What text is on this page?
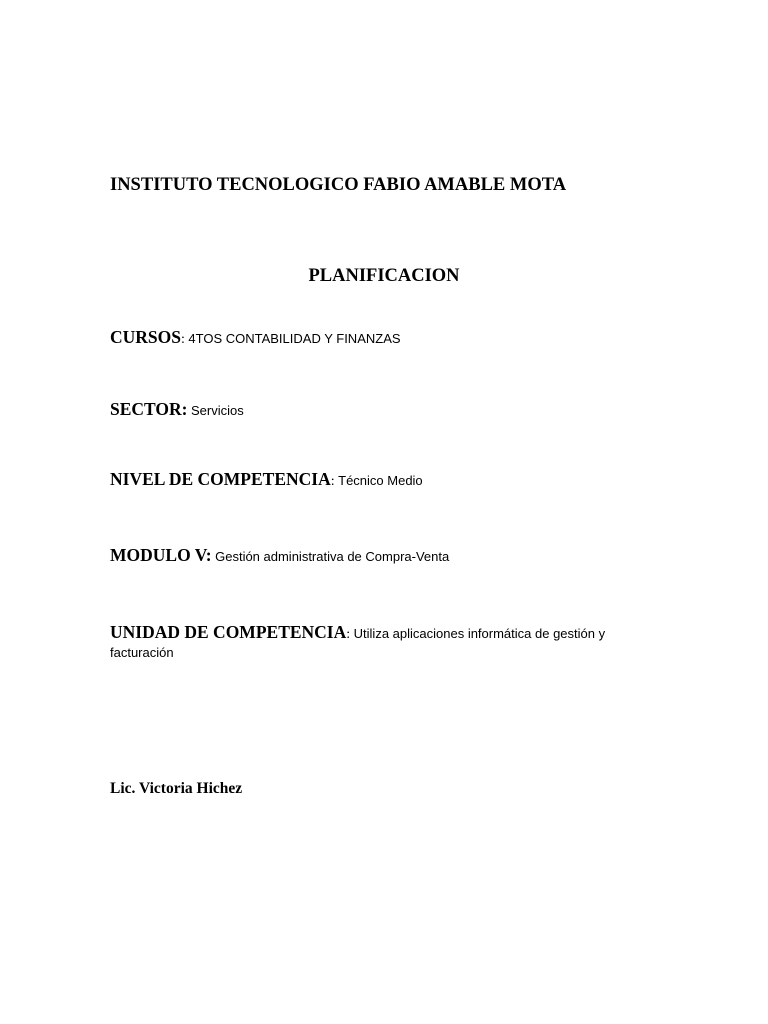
INSTITUTO TECNOLOGICO FABIO AMABLE MOTA
PLANIFICACION
CURSOS: 4TOS CONTABILIDAD Y FINANZAS
SECTOR: Servicios
NIVEL DE COMPETENCIA: Técnico Medio
MODULO V: Gestión administrativa de Compra-Venta
UNIDAD DE COMPETENCIA: Utiliza aplicaciones informática de gestión y facturación
Lic. Victoria Hichez
